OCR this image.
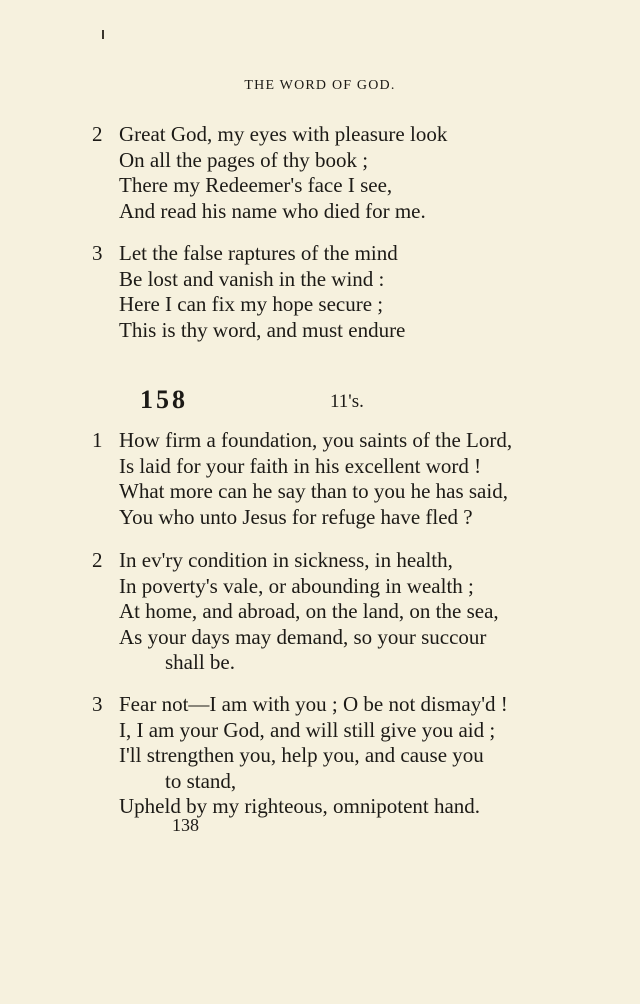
THE WORD OF GOD.
2 Great God, my eyes with pleasure look
On all the pages of thy book ;
There my Redeemer's face I see,
And read his name who died for me.
3 Let the false raptures of the mind
Be lost and vanish in the wind :
Here I can fix my hope secure ;
This is thy word, and must endure
158	11's.
1 How firm a foundation, you saints of the Lord,
Is laid for your faith in his excellent word !
What more can he say than to you he has said,
You who unto Jesus for refuge have fled ?
2 In ev'ry condition in sickness, in health,
In poverty's vale, or abounding in wealth ;
At home, and abroad, on the land, on the sea,
As your days may demand, so your succour
shall be.
3 Fear not—I am with you ; O be not dismay'd !
I, I am your God, and will still give you aid ;
I'll strengthen you, help you, and cause you
to stand,
Upheld by my righteous, omnipotent hand.
138
